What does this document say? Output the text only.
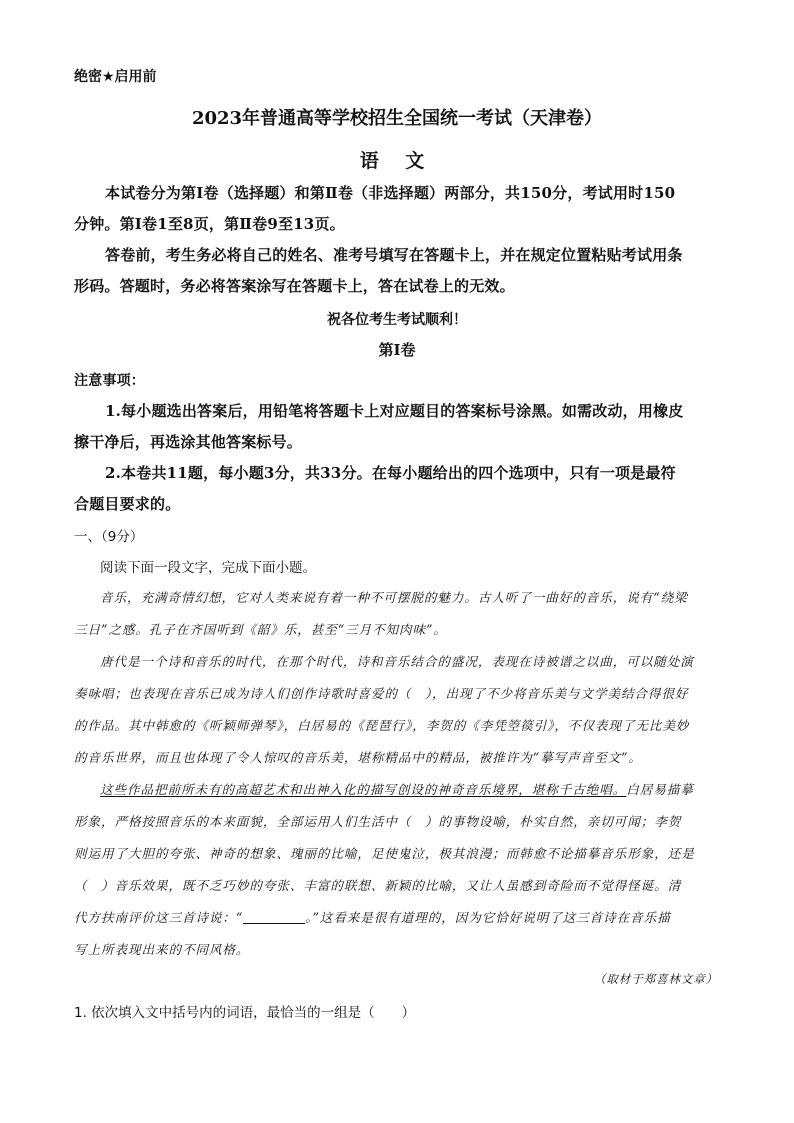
绝密★启用前
2023年普通高等学校招生全国统一考试（天津卷）
语 文
本试卷分为第Ⅰ卷（选择题）和第Ⅱ卷（非选择题）两部分，共150分，考试用时150
分钟。第Ⅰ卷1至8页，第Ⅱ卷9至13页。
答卷前，考生务必将自己的姓名、准考号填写在答题卡上，并在规定位置粘贴考试用条
形码。答题时，务必将答案涂写在答题卡上，答在试卷上的无效。
祝各位考生考试顺利！
第Ⅰ卷
注意事项：
1.每小题选出答案后，用铅笔将答题卡上对应题目的答案标号涂黑。如需改动，用橡皮
擦干净后，再选涂其他答案标号。
2.本卷共11题，每小题3分，共33分。在每小题给出的四个选项中，只有一项是最符
合题目要求的。
一、（9分）
阅读下面一段文字，完成下面小题。
音乐，充满奇情幻想，它对人类来说有着一种不可摆脱的魅力。古人听了一曲好的音乐，说有“绕梁
三日”之感。孔子在齐国听到《韶》乐，甚至“三月不知肉味”。
唐代是一个诗和音乐的时代，在那个时代，诗和音乐结合的盛况，表现在诗被谱之以曲，可以随处演
奏咏唱；也表现在音乐已成为诗人们创作诗歌时喜爱的（　），出现了不少将音乐美与文学美结合得很好
的作品。其中韩愈的《听颖师弹琴》，白居易的《琵琶行》，李贺的《李凭箜篌引》，不仅表现了无比美妙
的音乐世界，而且也体现了令人惊叹的音乐美，堪称精品中的精品，被推许为“摹写声音至文”。
这些作品把前所未有的高超艺术和出神入化的描写创设的神奇音乐境界，堪称千古绝唱。白居易描摹
形象，严格按照音乐的本来面貌，全部运用人们生活中（　）的事物设喻，朴实自然，亲切可闻；李贺
则运用了大胆的夸张、神奇的想象、瑰丽的比喻，足使鬼泣，极其浪漫；而韩愈不论描摹音乐形象，还是
（　）音乐效果，既不乏巧妙的夸张、丰富的联想、新颖的比喻，又让人虽感到奇险而不觉得怪诞。清
代方扶南评价这三首诗说：“	。”这看来是很有道理的，因为它恰好说明了这三首诗在音乐描
写上所表现出来的不同风格。
（取材于郑喜林文章）
1. 依次填入文中括号内的词语，最恰当的一组是（　　）
